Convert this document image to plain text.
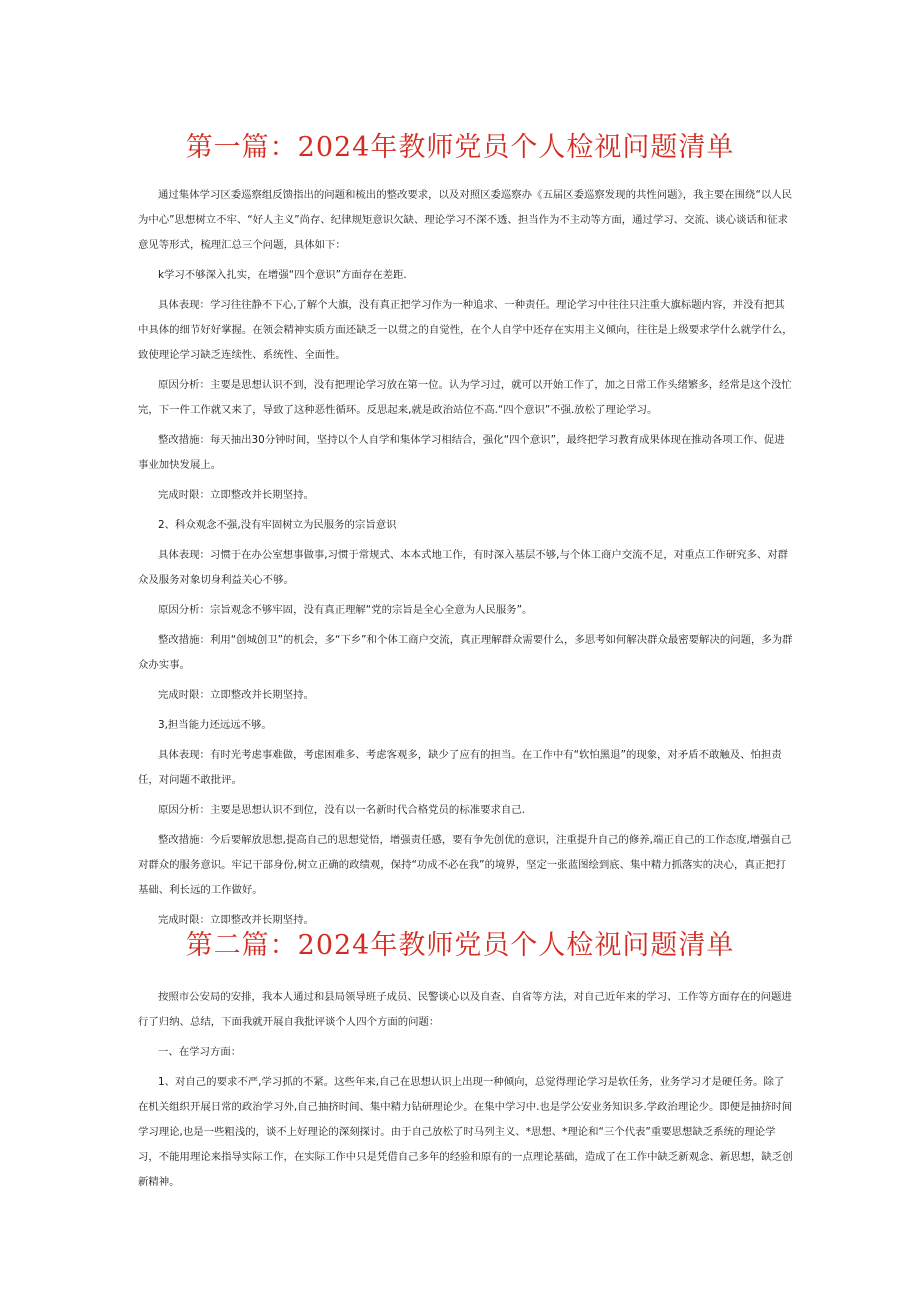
第一篇：2024年教师党员个人检视问题清单

通过集体学习区委巡察组反馈指出的问题和梳出的整改要求，以及对照区委巡察办《五届区委巡察发现的共性问题》，我主要在围绕“以人民为中心”思想树立不牢、“好人主义”尚存、纪律规矩意识欠缺、理论学习不深不透、担当作为不主动等方面，通过学习、交流、谈心谈话和征求意见等形式，梳理汇总三个问题，具体如下：

k学习不够深入扎实，在增强“四个意识”方面存在差距.

具体表现：学习往往静不下心,了解个大旗，没有真正把学习作为一种追求、一种责任。理论学习中往往只注重大旗标题内容，并没有把其中具体的细节好好掌握。在领会精神实质方面还缺乏一以贯之的自觉性，在个人自学中还存在实用主义倾向，往往是上级要求学什么就学什么，致使理论学习缺乏连续性、系统性、全面性。

原因分析：主要是思想认识不到，没有把理论学习放在第一位。认为学习过，就可以开始工作了，加之日常工作头绪繁多，经常是这个没忙完，下一件工作就又来了，导致了这种恶性循环。反思起来,就是政治站位不高.“四个意识”不强.放松了理论学习。

整改措施：每天抽出30分钟时间，坚持以个人自学和集体学习相结合，强化“四个意识”，最终把学习教育成果体现在推动各项工作、促进事业加快发展上。

完成时限：立即整改并长期坚持。

2、科众观念不强,没有牢固树立为民服务的宗旨意识

具体表现：习惯于在办公室想事做事,习惯于常规式、本本式地工作，有时深入基层不够,与个体工商户交流不足，对重点工作研究多、对群众及服务对象切身利益关心不够。

原因分析：宗旨观念不够牢固，没有真正理解“党的宗旨是全心全意为人民服务”。

整改措施：利用“创城创卫”的机会，多“下乡”和个体工商户交流，真正理解群众需要什么，多思考如何解决群众最密要解决的问题，多为群众办实事。

完成时限：立即整改并长期坚持。

3,担当能力还远远不够。

具体表现：有时光考虑事难做，考虑困难多、考虑客观多，缺少了应有的担当。在工作中有“软怕黑退”的现象，对矛盾不敢触及、怕担责任，对问题不敢批评。

原因分析：主要是思想认识不到位，没有以一名新时代合格党员的标准要求自己.

整改措施：今后要解放思想,提高自己的思想觉悟，增强责任感，要有争先创优的意识，注重提升自己的修养,端正自己的工作态度,增强自己对群众的服务意识。牢记干部身份,树立正确的政绩观，保持“功成不必在我”的境界，坚定一张蓝图绘到底、集中精力抓落实的决心，真正把打基础、利长远的工作做好。

完成时限：立即整改并长期坚持。

第二篇：2024年教师党员个人检视问题清单

按照市公安局的安排，我本人通过和县局领导班子成员、民警谈心以及自查、自省等方法，对自己近年来的学习、工作等方面存在的问题进行了归纳、总结，下面我就开展自我批评谈个人四个方面的问题：

一、在学习方面：

1、对自己的要求不严,学习抓的不紧。这些年来,自己在思想认识上出现一种倾向，总觉得理论学习是软任务，业务学习才是硬任务。除了在机关组织开展日常的政治学习外,自己抽挤时间、集中精力钻研理论少。在集中学习中.也是学公安业务知识多.学政治理论少。即便是抽挤时间学习理论,也是一些粗浅的，谈不上好理论的深刻探讨。由于自己放松了时马列主义、*思想、*理论和“三个代表”重要思想缺乏系统的理论学习，不能用理论来指导实际工作，在实际工作中只是凭借自己多年的经验和原有的一点理论基础，造成了在工作中缺乏新观念、新思想，缺乏创新精神。
